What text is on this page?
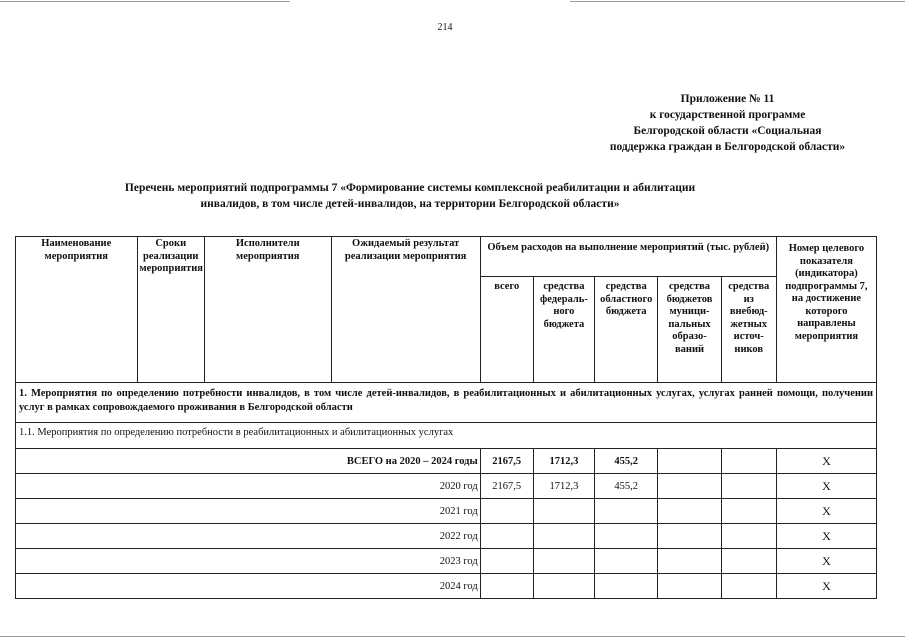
214
Приложение № 11
к государственной программе
Белгородской области «Социальная
поддержка граждан в Белгородской области»
Перечень мероприятий подпрограммы 7 «Формирование системы комплексной реабилитации и абилитации
инвалидов, в том числе детей-инвалидов, на территории Белгородской области»
Наименование мероприятия	Сроки реализации мероприятия	Исполнители мероприятия	Ожидаемый результат реализации мероприятия	Объем расходов на выполнение мероприятий (тыс. рублей)					Номер целевого показателя (индикатора) подпрограммы 7, на достижение которого направлены мероприятия
				всего	средства федераль-ного бюджета	средства областного бюджета	средства бюджетов муници-пальных образо-ваний	средства из внебюд-жетных источ-ников	
1. Мероприятия по определению потребности инвалидов, в том числе детей-инвалидов, в реабилитационных и абилитационных услугах, услугах ранней помощи, получении услуг в рамках сопровождаемого проживания в Белгородской области									
1.1. Мероприятия по определению потребности в реабилитационных и абилитационных услугах									
ВСЕГО на 2020 – 2024 годы				2167,5	1712,3	455,2			X
2020 год				2167,5	1712,3	455,2			X
2021 год									X
2022 год									X
2023 год									X
2024 год									X
